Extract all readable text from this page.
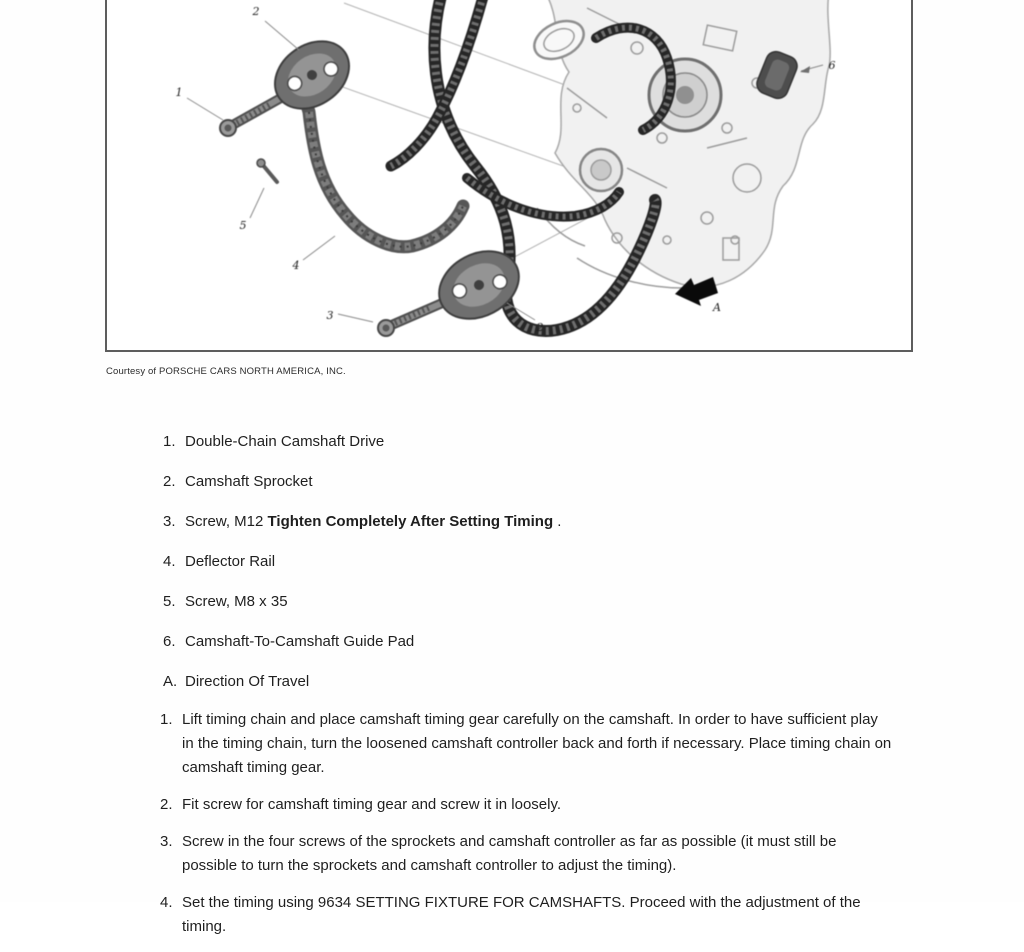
2
1
5
4
3
2
6
A
Courtesy of PORSCHE CARS NORTH AMERICA, INC.
1. Double-Chain Camshaft Drive
2. Camshaft Sprocket
3. Screw, M12 Tighten Completely After Setting Timing .
4. Deflector Rail
5. Screw, M8 x 35
6. Camshaft-To-Camshaft Guide Pad
A. Direction Of Travel
1. Lift timing chain and place camshaft timing gear carefully on the camshaft. In order to have sufficient play in the timing chain, turn the loosened camshaft controller back and forth if necessary. Place timing chain on camshaft timing gear.
2. Fit screw for camshaft timing gear and screw it in loosely.
3. Screw in the four screws of the sprockets and camshaft controller as far as possible (it must still be possible to turn the sprockets and camshaft controller to adjust the timing).
4. Set the timing using 9634 SETTING FIXTURE FOR CAMSHAFTS. Proceed with the adjustment of the timing.
